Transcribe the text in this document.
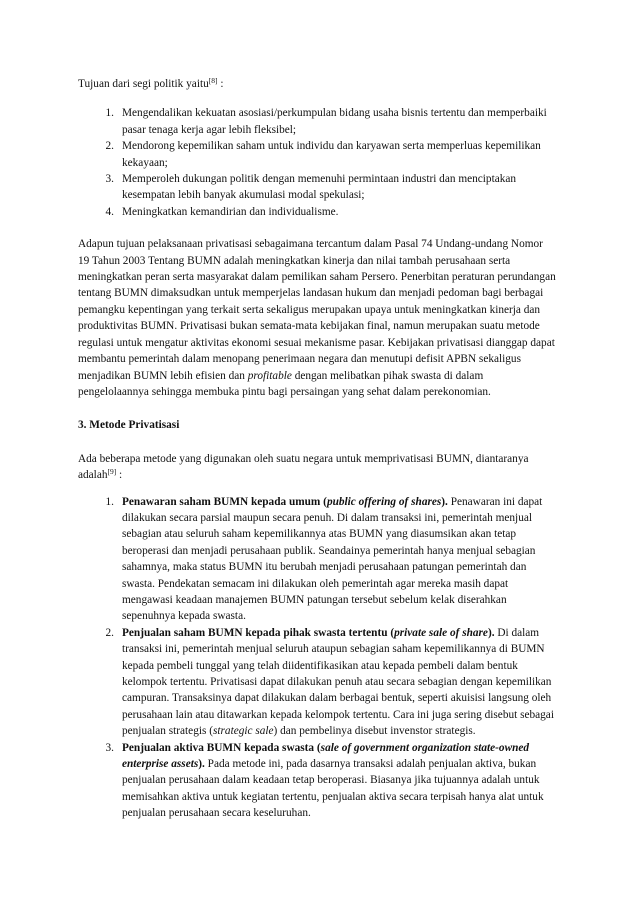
Tujuan dari segi politik yaitu[8] :

1. Mengendalikan kekuatan asosiasi/perkumpulan bidang usaha bisnis tertentu dan memperbaiki pasar tenaga kerja agar lebih fleksibel;
2. Mendorong kepemilikan saham untuk individu dan karyawan serta memperluas kepemilikan kekayaan;
3. Memperoleh dukungan politik dengan memenuhi permintaan industri dan menciptakan kesempatan lebih banyak akumulasi modal spekulasi;
4. Meningkatkan kemandirian dan individualisme.

Adapun tujuan pelaksanaan privatisasi sebagaimana tercantum dalam Pasal 74 Undang-undang Nomor 19 Tahun 2003 Tentang BUMN adalah meningkatkan kinerja dan nilai tambah perusahaan serta meningkatkan peran serta masyarakat dalam pemilikan saham Persero. Penerbitan peraturan perundangan tentang BUMN dimaksudkan untuk memperjelas landasan hukum dan menjadi pedoman bagi berbagai pemangku kepentingan yang terkait serta sekaligus merupakan upaya untuk meningkatkan kinerja dan produktivitas BUMN. Privatisasi bukan semata-mata kebijakan final, namun merupakan suatu metode regulasi untuk mengatur aktivitas ekonomi sesuai mekanisme pasar. Kebijakan privatisasi dianggap dapat membantu pemerintah dalam menopang penerimaan negara dan menutupi defisit APBN sekaligus menjadikan BUMN lebih efisien dan profitable dengan melibatkan pihak swasta di dalam pengelolaannya sehingga membuka pintu bagi persaingan yang sehat dalam perekonomian.

3. Metode Privatisasi

Ada beberapa metode yang digunakan oleh suatu negara untuk memprivatisasi BUMN, diantaranya adalah[9] :

1. Penawaran saham BUMN kepada umum (public offering of shares). Penawaran ini dapat dilakukan secara parsial maupun secara penuh. Di dalam transaksi ini, pemerintah menjual sebagian atau seluruh saham kepemilikannya atas BUMN yang diasumsikan akan tetap beroperasi dan menjadi perusahaan publik. Seandainya pemerintah hanya menjual sebagian sahamnya, maka status BUMN itu berubah menjadi perusahaan patungan pemerintah dan swasta. Pendekatan semacam ini dilakukan oleh pemerintah agar mereka masih dapat mengawasi keadaan manajemen BUMN patungan tersebut sebelum kelak diserahkan sepenuhnya kepada swasta.
2. Penjualan saham BUMN kepada pihak swasta tertentu (private sale of share). Di dalam transaksi ini, pemerintah menjual seluruh ataupun sebagian saham kepemilikannya di BUMN kepada pembeli tunggal yang telah diidentifikasikan atau kepada pembeli dalam bentuk kelompok tertentu. Privatisasi dapat dilakukan penuh atau secara sebagian dengan kepemilikan campuran. Transaksinya dapat dilakukan dalam berbagai bentuk, seperti akuisisi langsung oleh perusahaan lain atau ditawarkan kepada kelompok tertentu. Cara ini juga sering disebut sebagai penjualan strategis (strategic sale) dan pembelinya disebut invenstor strategis.
3. Penjualan aktiva BUMN kepada swasta (sale of government organization state-owned enterprise assets). Pada metode ini, pada dasarnya transaksi adalah penjualan aktiva, bukan penjualan perusahaan dalam keadaan tetap beroperasi. Biasanya jika tujuannya adalah untuk memisahkan aktiva untuk kegiatan tertentu, penjualan aktiva secara terpisah hanya alat untuk penjualan perusahaan secara keseluruhan.
